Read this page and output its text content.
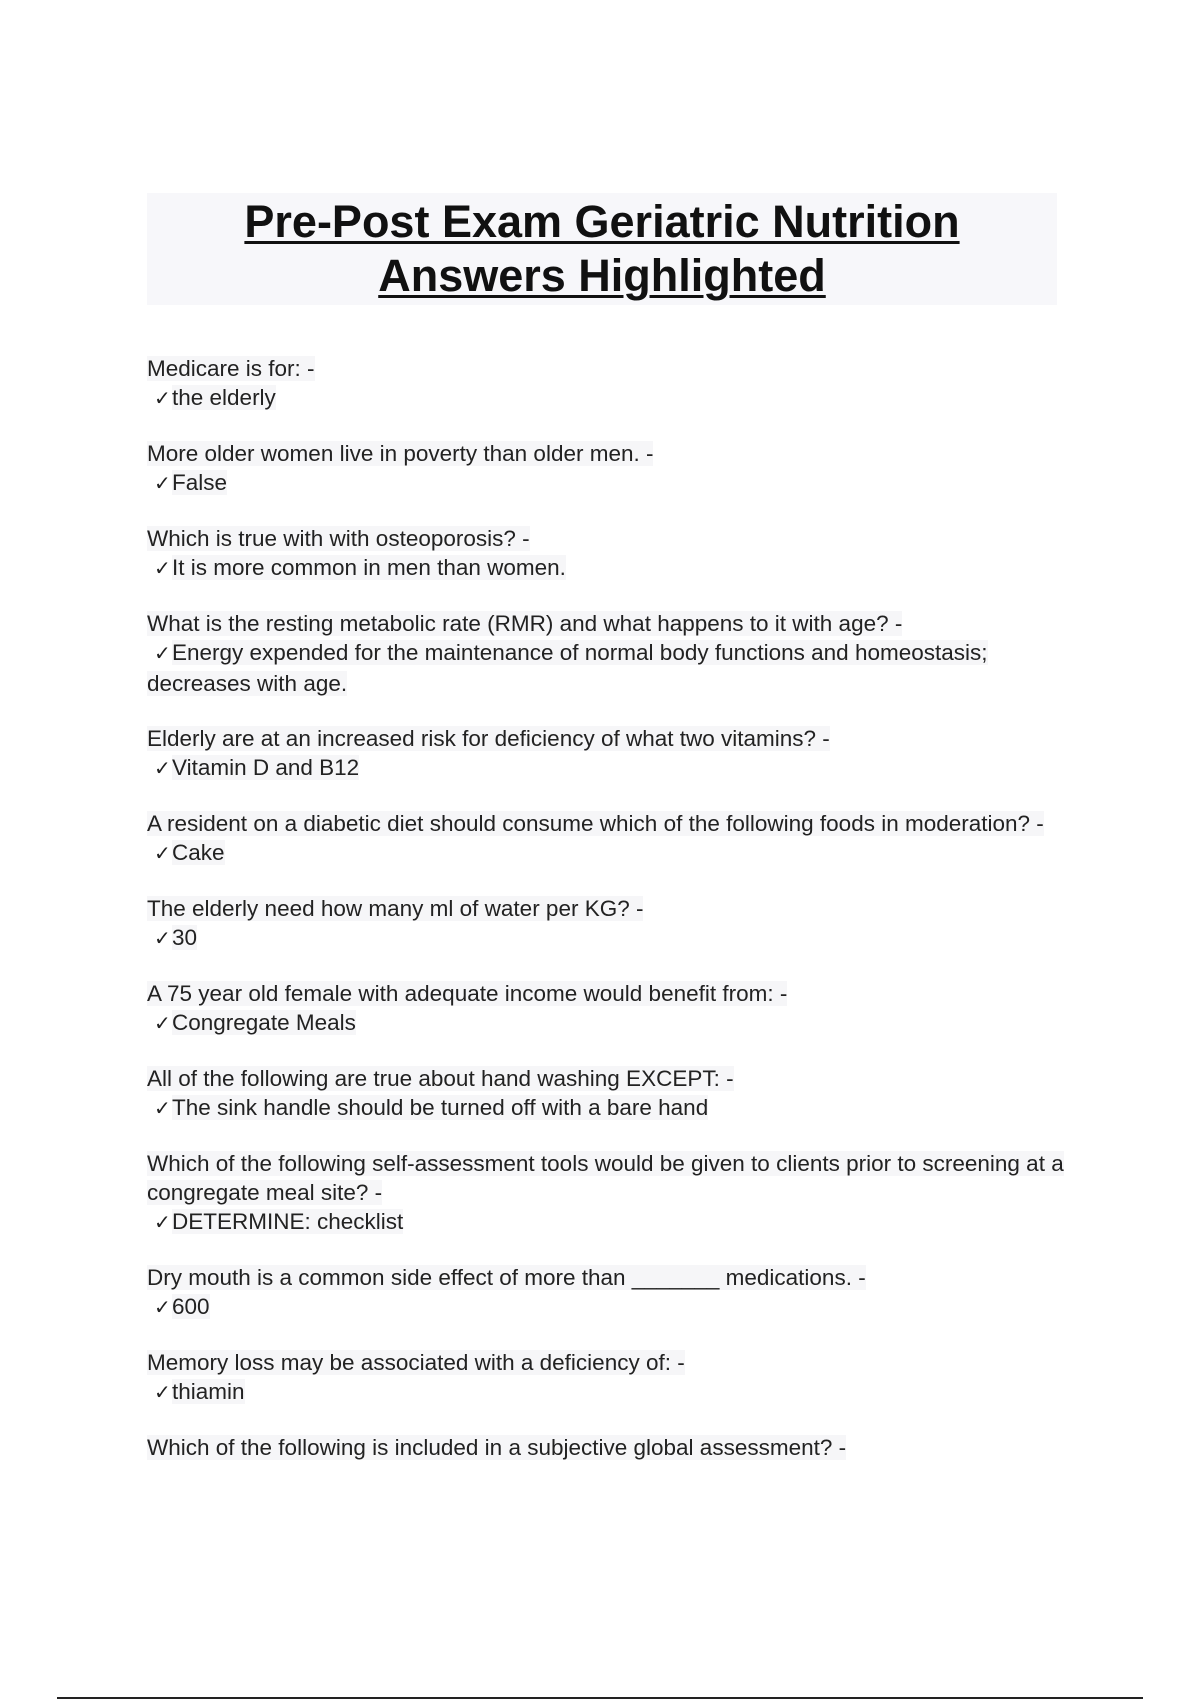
Pre-Post Exam Geriatric Nutrition
Answers Highlighted
Medicare is for: -
✓the elderly
More older women live in poverty than older men. -
✓False
Which is true with with osteoporosis? -
✓It is more common in men than women.
What is the resting metabolic rate (RMR) and what happens to it with age? -
✓Energy expended for the maintenance of normal body functions and homeostasis; decreases with age.
Elderly are at an increased risk for deficiency of what two vitamins? -
✓Vitamin D and B12
A resident on a diabetic diet should consume which of the following foods in moderation? -
✓Cake
The elderly need how many ml of water per KG? -
✓30
A 75 year old female with adequate income would benefit from: -
✓Congregate Meals
All of the following are true about hand washing EXCEPT: -
✓The sink handle should be turned off with a bare hand
Which of the following self-assessment tools would be given to clients prior to screening at a congregate meal site? -
✓DETERMINE: checklist
Dry mouth is a common side effect of more than _______ medications. -
✓600
Memory loss may be associated with a deficiency of: -
✓thiamin
Which of the following is included in a subjective global assessment? -
